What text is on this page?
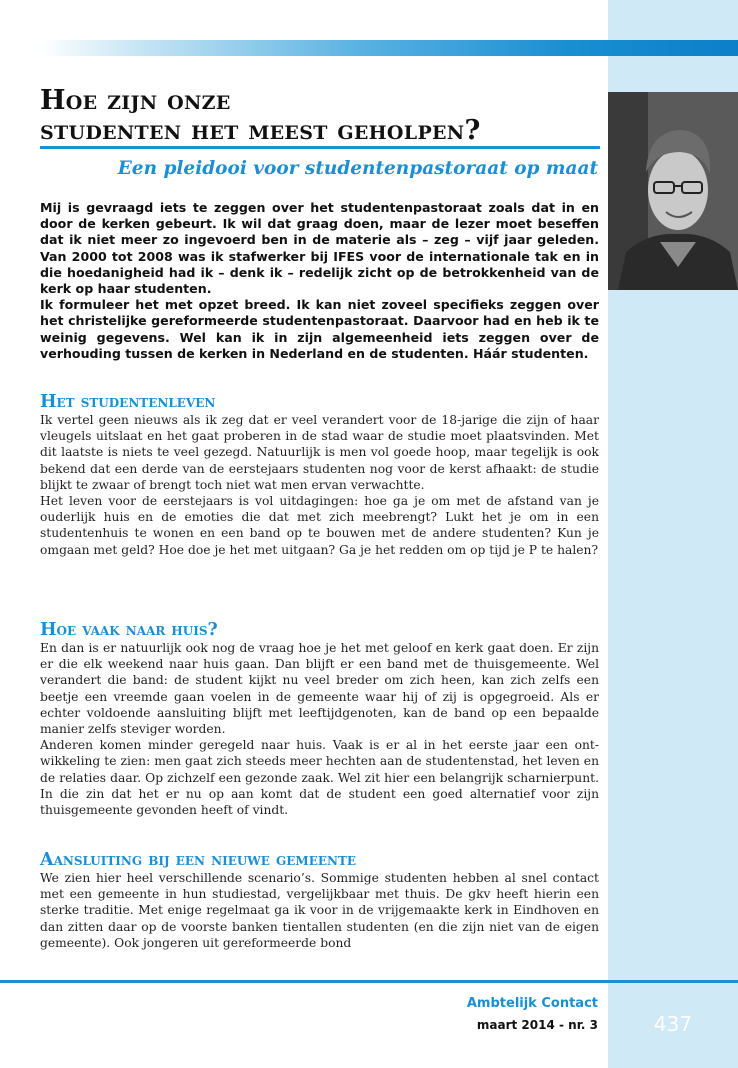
Hoe zijn onze
studenten het meest geholpen?

Een pleidooi voor studentenpastoraat op maat

Mij is gevraagd iets te zeggen over het studentenpastoraat zoals dat in en door de kerken gebeurt. Ik wil dat graag doen, maar de lezer moet beseffen dat ik niet meer zo ingevoerd ben in de materie als – zeg – vijf jaar geleden. Van 2000 tot 2008 was ik stafwerker bij IFES voor de internationale tak en in die hoedanigheid had ik – denk ik – redelijk zicht op de betrokkenheid van de kerk op haar studenten.

Ik formuleer het met opzet breed. Ik kan niet zoveel specifieks zeggen over het christelijke gereformeerde studentenpastoraat. Daarvoor had en heb ik te weinig gegevens. Wel kan ik in zijn algemeenheid iets zeggen over de verhouding tussen de kerken in Nederland en de studenten. Háár studenten.

Het studentenleven

Ik vertel geen nieuws als ik zeg dat er veel verandert voor de 18-jarige die zijn of haar vleugels uitslaat en het gaat proberen in de stad waar de studie moet plaatsvinden. Met dit laatste is niets te veel gezegd. Natuurlijk is men vol goede hoop, maar tegelijk is ook bekend dat een derde van de eerstejaars studenten nog voor de kerst afhaakt: de studie blijkt te zwaar of brengt toch niet wat men ervan verwachtte.

Het leven voor de eerstejaars is vol uitdagingen: hoe ga je om met de afstand van je ouderlijk huis en de emoties die dat met zich meebrengt? Lukt het je om in een studentenhuis te wonen en een band op te bouwen met de andere studenten? Kun je omgaan met geld? Hoe doe je het met uitgaan? Ga je het redden om op tijd je P te halen?

Hoe vaak naar huis?

En dan is er natuurlijk ook nog de vraag hoe je het met geloof en kerk gaat doen. Er zijn er die elk weekend naar huis gaan. Dan blijft er een band met de thuisgemeente. Wel verandert die band: de student kijkt nu veel breder om zich heen, kan zich zelfs een beetje een vreemde gaan voelen in de gemeente waar hij of zij is opgegroeid. Als er echter voldoende aansluiting blijft met leeftijdgenoten, kan de band op een bepaalde manier zelfs steviger worden.

Anderen komen minder geregeld naar huis. Vaak is er al in het eerste jaar een ontwikkeling te zien: men gaat zich steeds meer hechten aan de studentenstad, het leven en de relaties daar. Op zichzelf een gezonde zaak. Wel zit hier een belangrijk scharnierpunt. In die zin dat het er nu op aan komt dat de student een goed alternatief voor zijn thuisgemeente gevonden heeft of vindt.

Aansluiting bij een nieuwe gemeente

We zien hier heel verschillende scenario’s. Sommige studenten hebben al snel contact met een gemeente in hun studiestad, vergelijkbaar met thuis. De gkv heeft hierin een sterke traditie. Met enige regelmaat ga ik voor in de vrijgemaakte kerk in Eindhoven en dan zitten daar op de voorste banken tientallen studenten (en die zijn niet van de eigen gemeente). Ook jongeren uit gereformeerde bond

Ambtelijk Contact

maart 2014 - nr. 3	437
